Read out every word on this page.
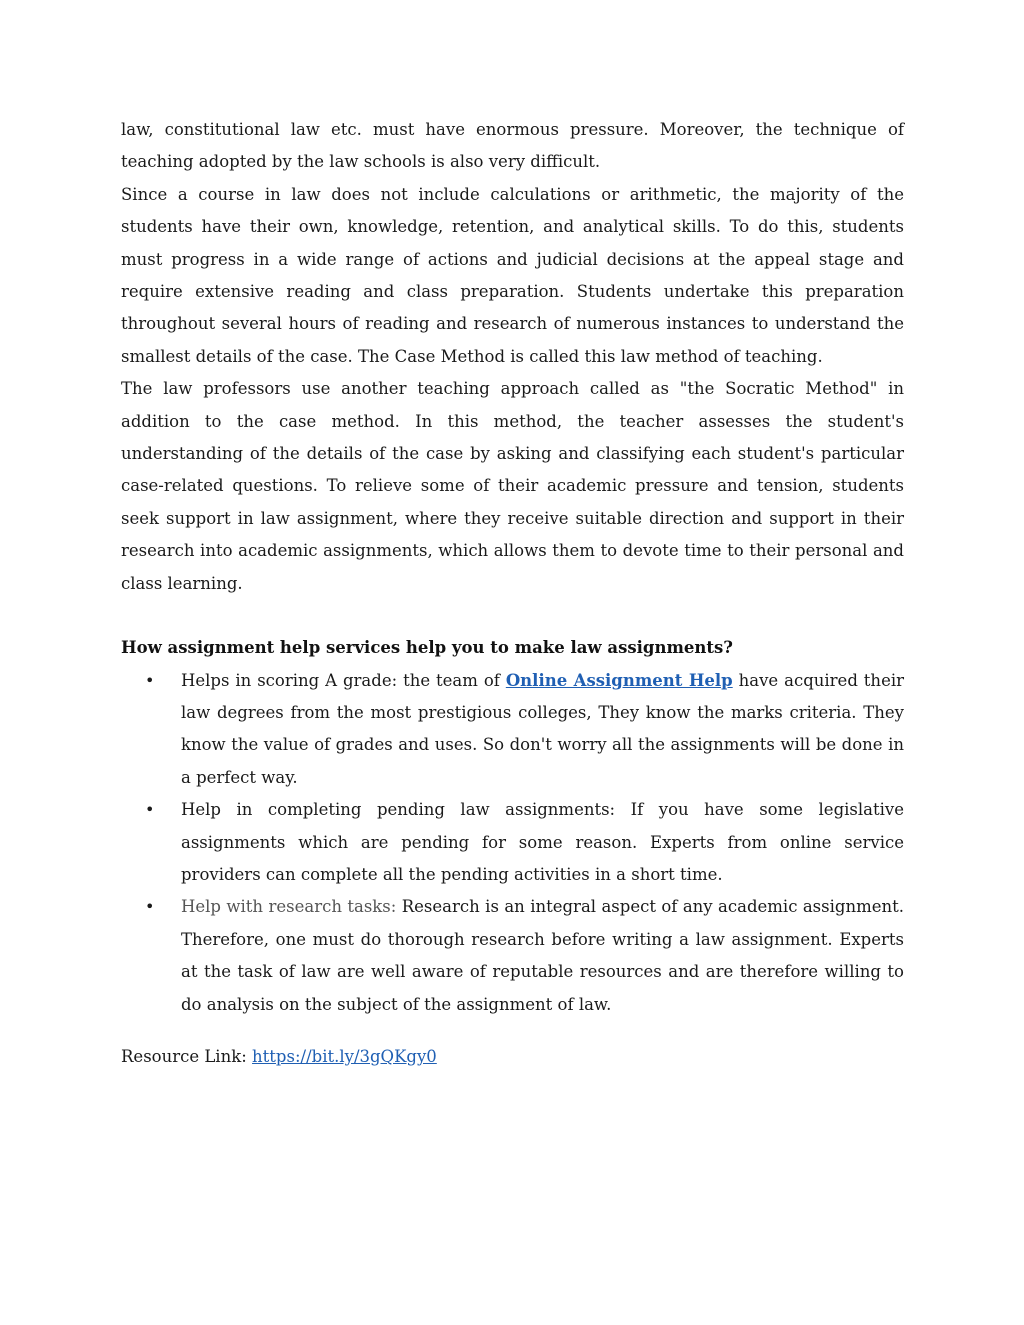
law, constitutional law etc. must have enormous pressure. Moreover, the technique of teaching adopted by the law schools is also very difficult.

Since a course in law does not include calculations or arithmetic, the majority of the students have their own, knowledge, retention, and analytical skills. To do this, students must progress in a wide range of actions and judicial decisions at the appeal stage and require extensive reading and class preparation. Students undertake this preparation throughout several hours of reading and research of numerous instances to understand the smallest details of the case. The Case Method is called this law method of teaching.

The law professors use another teaching approach called as "the Socratic Method" in addition to the case method. In this method, the teacher assesses the student's understanding of the details of the case by asking and classifying each student's particular case-related questions. To relieve some of their academic pressure and tension, students seek support in law assignment, where they receive suitable direction and support in their research into academic assignments, which allows them to devote time to their personal and class learning.

How assignment help services help you to make law assignments?
• Helps in scoring A grade: the team of Online Assignment Help have acquired their law degrees from the most prestigious colleges, They know the marks criteria. They know the value of grades and uses. So don't worry all the assignments will be done in a perfect way.
• Help in completing pending law assignments: If you have some legislative assignments which are pending for some reason. Experts from online service providers can complete all the pending activities in a short time.
• Help with research tasks: Research is an integral aspect of any academic assignment. Therefore, one must do thorough research before writing a law assignment. Experts at the task of law are well aware of reputable resources and are therefore willing to do analysis on the subject of the assignment of law.

Resource Link: https://bit.ly/3gQKgy0
